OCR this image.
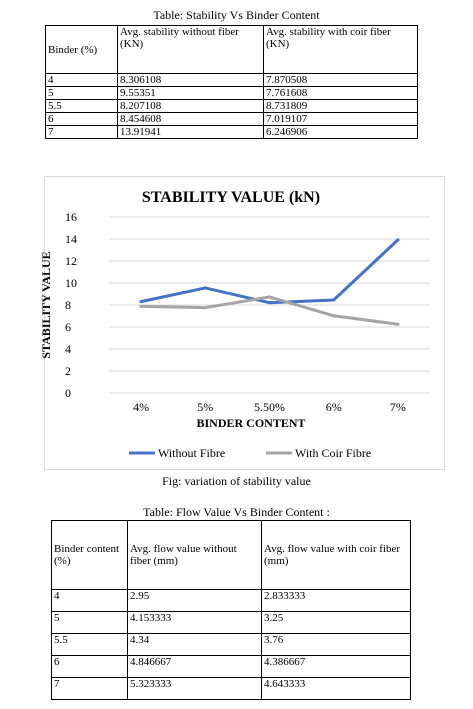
Table: Stability Vs Binder Content
Binder (%)	Avg. stability without fiber (KN)	Avg. stability with coir fiber (KN)
4	8.306108	7.870508
5	9.55351	7.761608
5.5	8.207108	8.731809
6	8.454608	7.019107
7	13.91941	6.246906
STABILITY VALUE (kN)
STABILITY VALUE
BINDER CONTENT
0
2
4
6
8
10
12
14
16
4%	5%	5.50%	6%	7%
Without Fibre	With Coir Fibre
Fig: variation of stability value
Table: Flow Value Vs Binder Content :
Binder content (%)	Avg. flow value without fiber (mm)	Avg. flow value with coir fiber (mm)
4	2.95	2.833333
5	4.153333	3.25
5.5	4.34	3.76
6	4.846667	4.386667
7	5.323333	4.643333
